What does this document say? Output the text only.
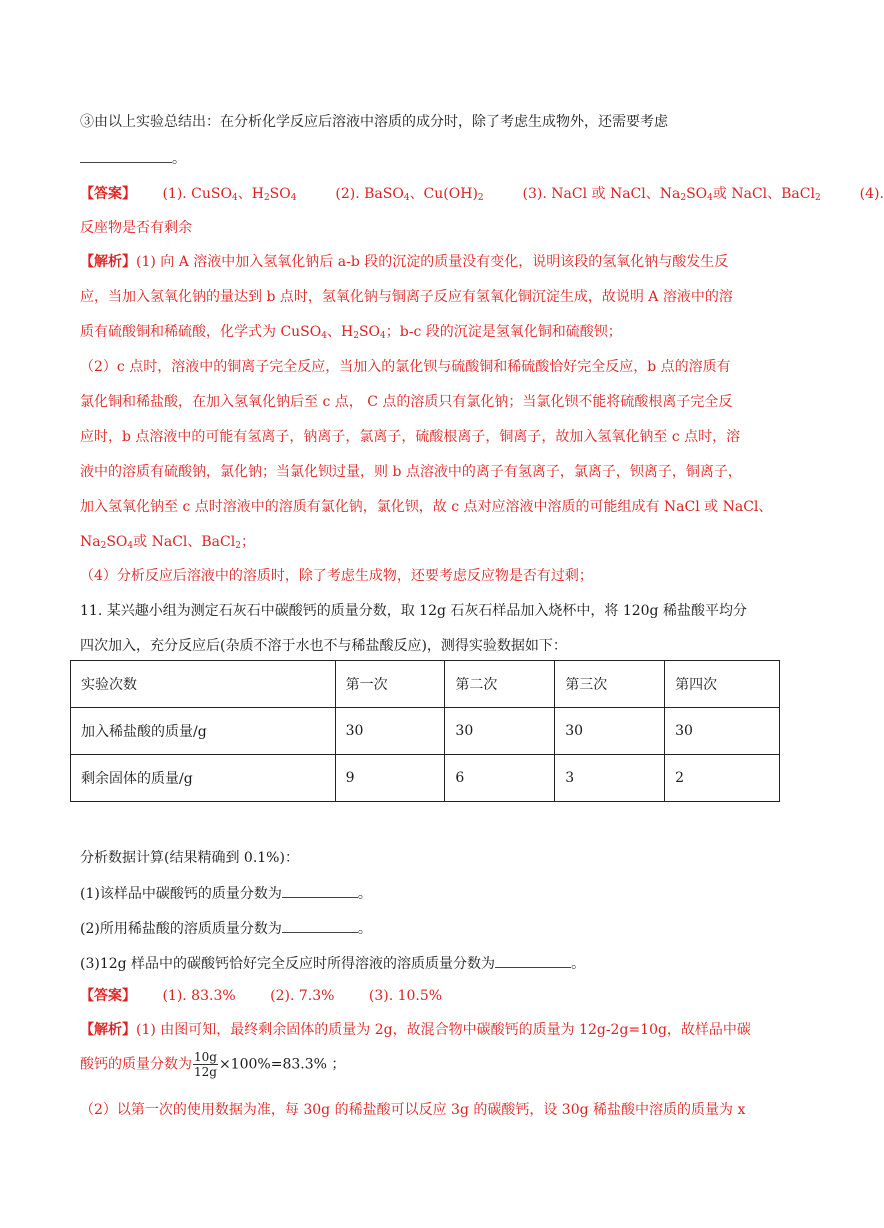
③由以上实验总结出：在分析化学反应后溶液中溶质的成分时，除了考虑生成物外，还需要考虑
。
【答案】 (1). CuSO$_4$、$H_2SO_4$	(2). BaSO$_4$、$Cu(OH)_2$	(3). NaCl 或 NaCl、$Na_2SO_4$或 NaCl、BaCl$_2$	(4).
反座物是否有剩余
【解析】(1) 向 A 溶液中加入氢氧化钠后 a-b 段的沉淀的质量没有变化，说明该段的氢氧化钠与酸发生反
应，当加入氢氧化钠的量达到 b 点时，氢氧化钠与铜离子反应有氢氧化铜沉淀生成，故说明 A 溶液中的溶
质有硫酸铜和稀硫酸，化学式为 CuSO$_4$、$H_2SO_4$；b-c 段的沉淀是氢氧化铜和硫酸钡；
（2）c 点时，溶液中的铜离子完全反应，当加入的氯化钡与硫酸铜和稀硫酸恰好完全反应，b 点的溶质有
氯化铜和稀盐酸，在加入氢氧化钠后至 c 点， C 点的溶质只有氯化钠；当氯化钡不能将硫酸根离子完全反
应时，b 点溶液中的可能有氢离子，钠离子，氯离子，硫酸根离子，铜离子，故加入氢氧化钠至 c 点时，溶
液中的溶质有硫酸钠，氯化钠；当氯化钡过量，则 b 点溶液中的离子有氢离子，氯离子，钡离子，铜离子，
加入氢氧化钠至 c 点时溶液中的溶质有氯化钠，氯化钡，故 c 点对应溶液中溶质的可能组成有 NaCl 或 NaCl、
$Na_2SO_4$或 NaCl、BaCl$_2$；
（4）分析反应后溶液中的溶质时，除了考虑生成物，还要考虑反应物是否有过剩；
11. 某兴趣小组为测定石灰石中碳酸钙的质量分数，取 12g 石灰石样品加入烧杯中，将 120g 稀盐酸平均分
四次加入，充分反应后(杂质不溶于水也不与稀盐酸反应)，测得实验数据如下：
实验次数	第一次	第二次	第三次	第四次
加入稀盐酸的质量/g	30	30	30	30
剩余固体的质量/g	9	6	3	2
分析数据计算(结果精确到 0.1%)：
(1)该样品中碳酸钙的质量分数为	。
(2)所用稀盐酸的溶质质量分数为	。
(3)12g 样品中的碳酸钙恰好完全反应时所得溶液的溶质质量分数为	。
【答案】 (1). 83.3% (2). 7.3% (3). 10.5%
【解析】(1) 由图可知，最终剩余固体的质量为 2g，故混合物中碳酸钙的质量为 12g-2g=10g，故样品中碳
酸钙的质量分数为 $\frac{10g}{12g} \times 100\%=83.3\%$ ；
（2）以第一次的使用数据为准，每 30g 的稀盐酸可以反应 3g 的碳酸钙，设 30g 稀盐酸中溶质的质量为 x
